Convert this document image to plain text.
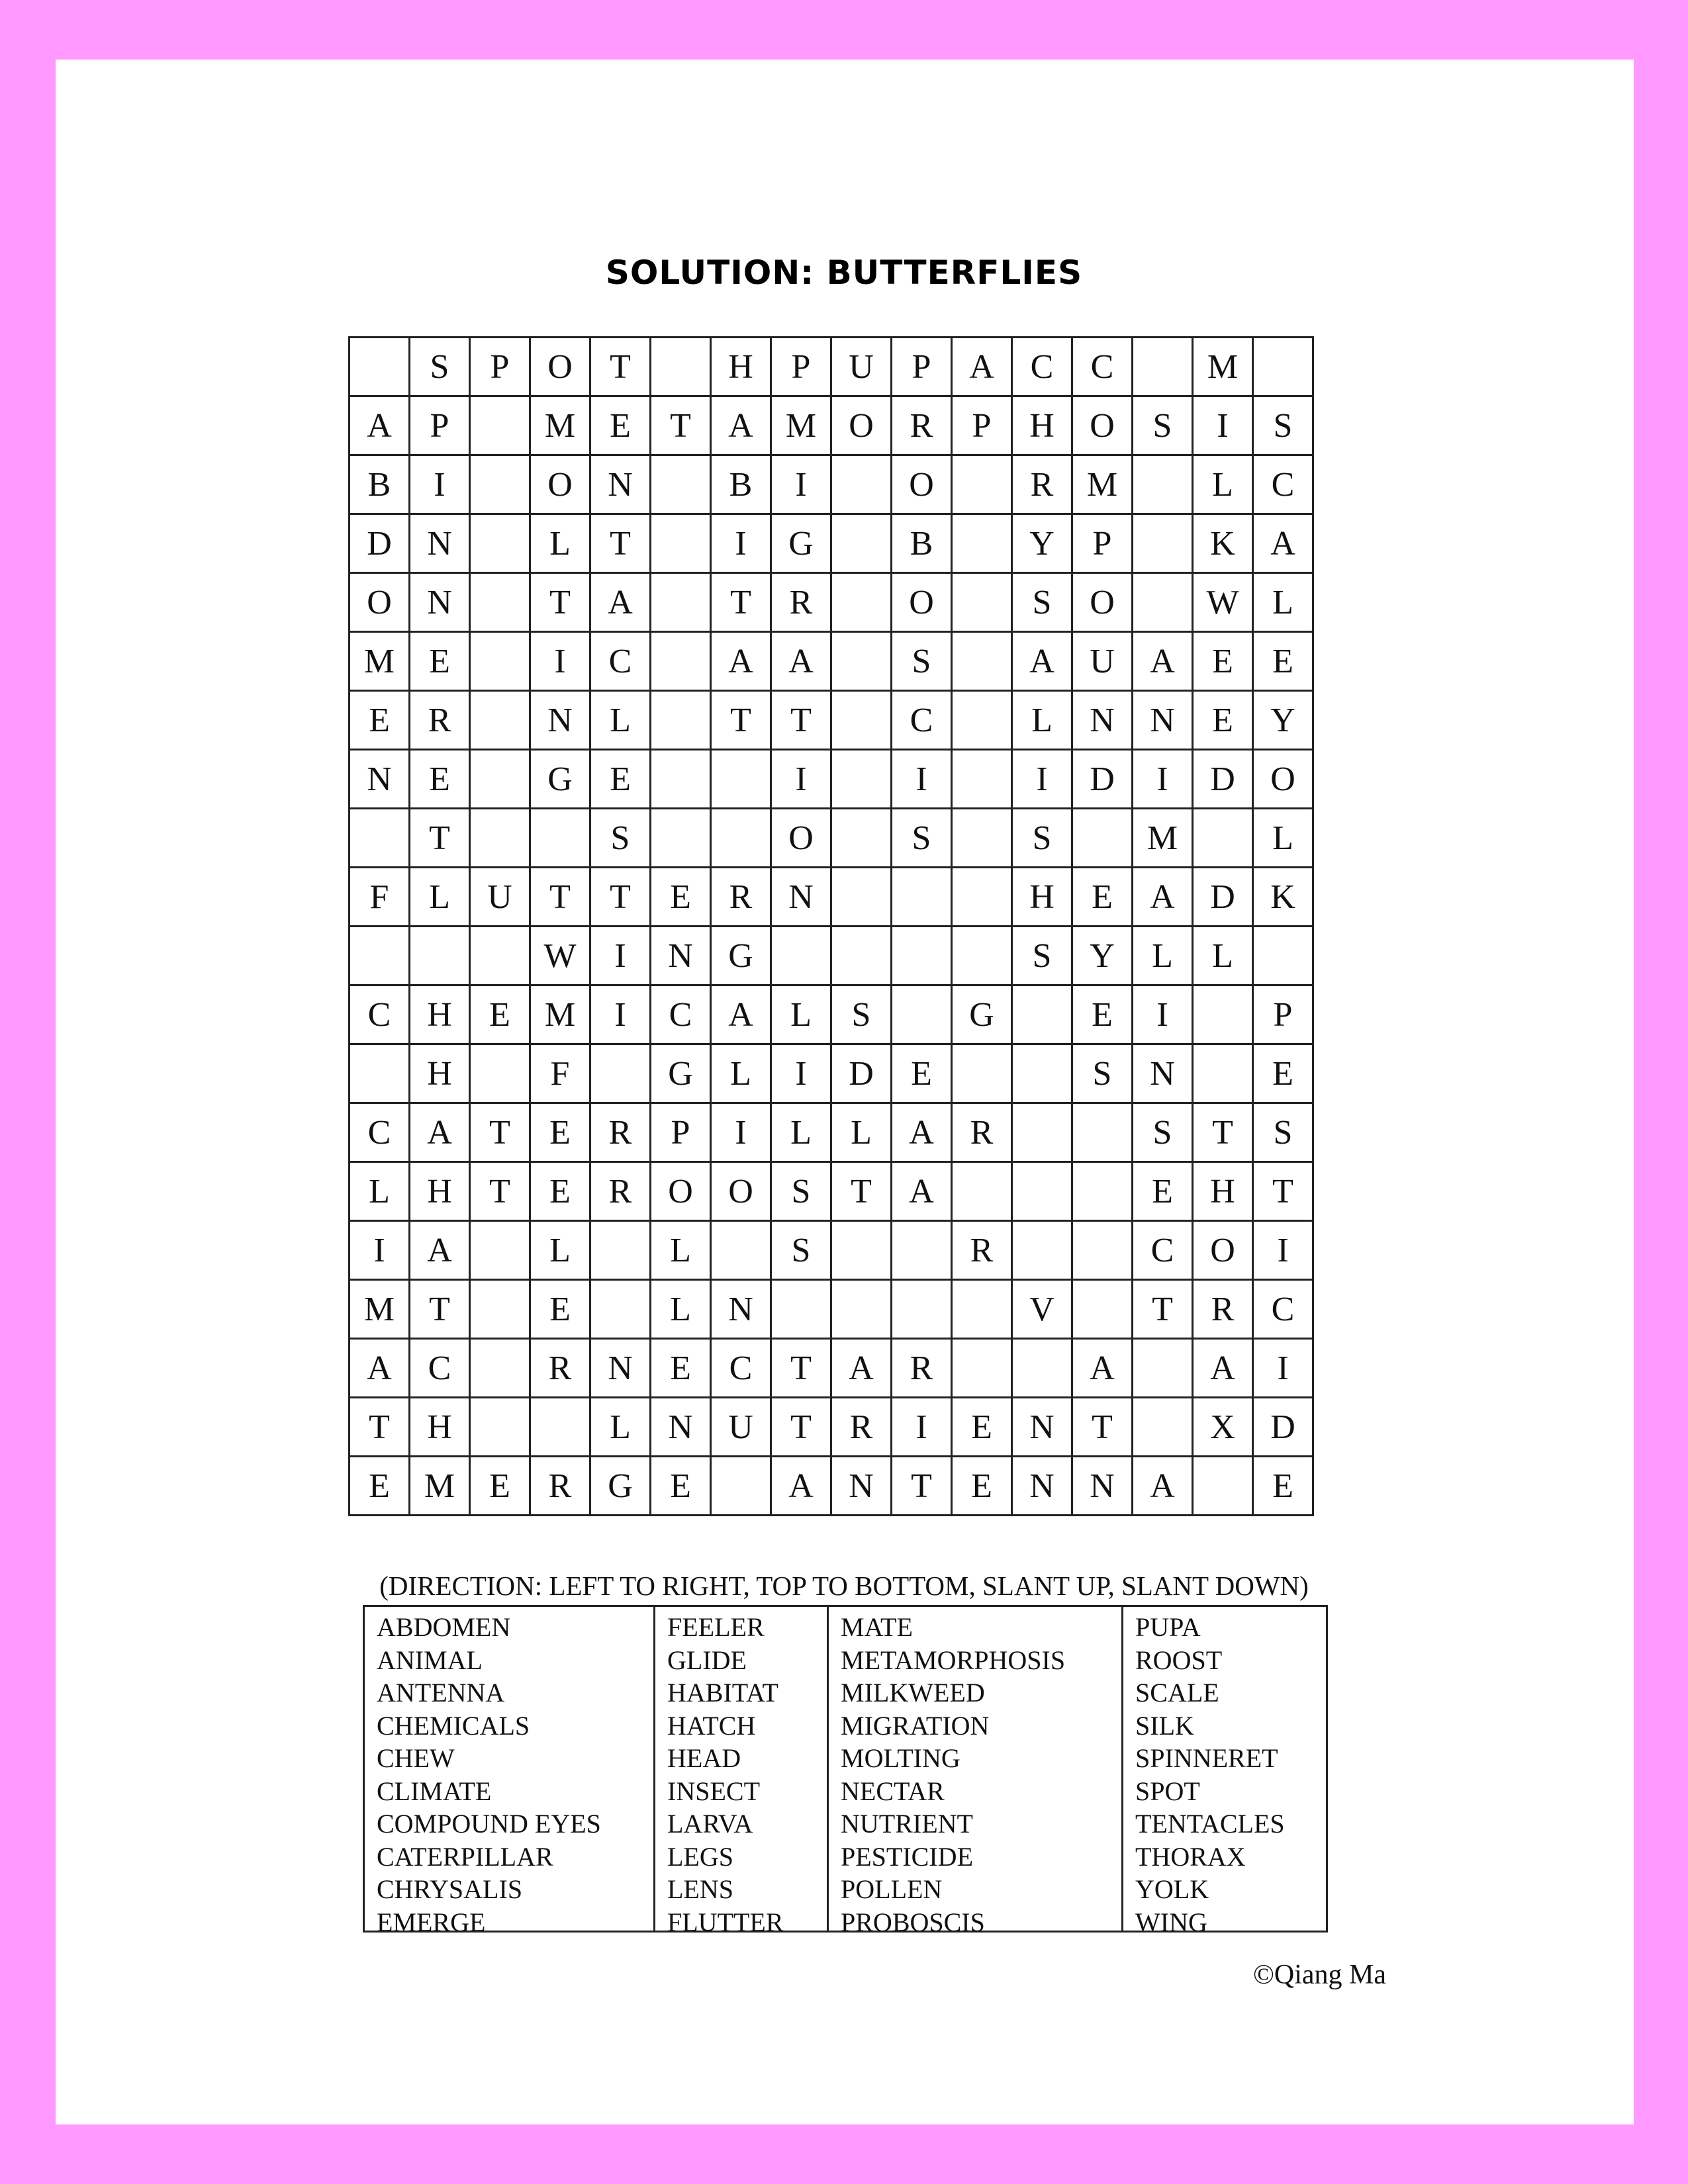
SOLUTION: BUTTERFLIES
	S	P	O	T		H	P	U	P	A	C	C		M	
A	P		M	E	T	A	M	O	R	P	H	O	S	I	S
B	I		O	N		B	I		O		R	M		L	C
D	N		L	T		I	G		B		Y	P		K	A
O	N		T	A		T	R		O		S	O		W	L
M	E		I	C		A	A		S		A	U	A	E	E
E	R		N	L		T	T		C		L	N	N	E	Y
N	E		G	E			I		I		I	D	I	D	O
	T			S			O		S		S		M		L
F	L	U	T	T	E	R	N				H	E	A	D	K
			W	I	N	G					S	Y	L	L	
C	H	E	M	I	C	A	L	S		G		E	I		P
	H		F		G	L	I	D	E			S	N		E
C	A	T	E	R	P	I	L	L	A	R			S	T	S
L	H	T	E	R	O	O	S	T	A				E	H	T
I	A		L		L		S			R			C	O	I
M	T		E		L	N					V		T	R	C
A	C		R	N	E	C	T	A	R			A		A	I
T	H			L	N	U	T	R	I	E	N	T		X	D
E	M	E	R	G	E		A	N	T	E	N	N	A		E
(DIRECTION: LEFT TO RIGHT, TOP TO BOTTOM, SLANT UP, SLANT DOWN)
ABDOMEN
ANIMAL
ANTENNA
CHEMICALS
CHEW
CLIMATE
COMPOUND EYES
CATERPILLAR
CHRYSALIS
EMERGE
FEELER
GLIDE
HABITAT
HATCH
HEAD
INSECT
LARVA
LEGS
LENS
FLUTTER
MATE
METAMORPHOSIS
MILKWEED
MIGRATION
MOLTING
NECTAR
NUTRIENT
PESTICIDE
POLLEN
PROBOSCIS
PUPA
ROOST
SCALE
SILK
SPINNERET
SPOT
TENTACLES
THORAX
YOLK
WING
©Qiang Ma
